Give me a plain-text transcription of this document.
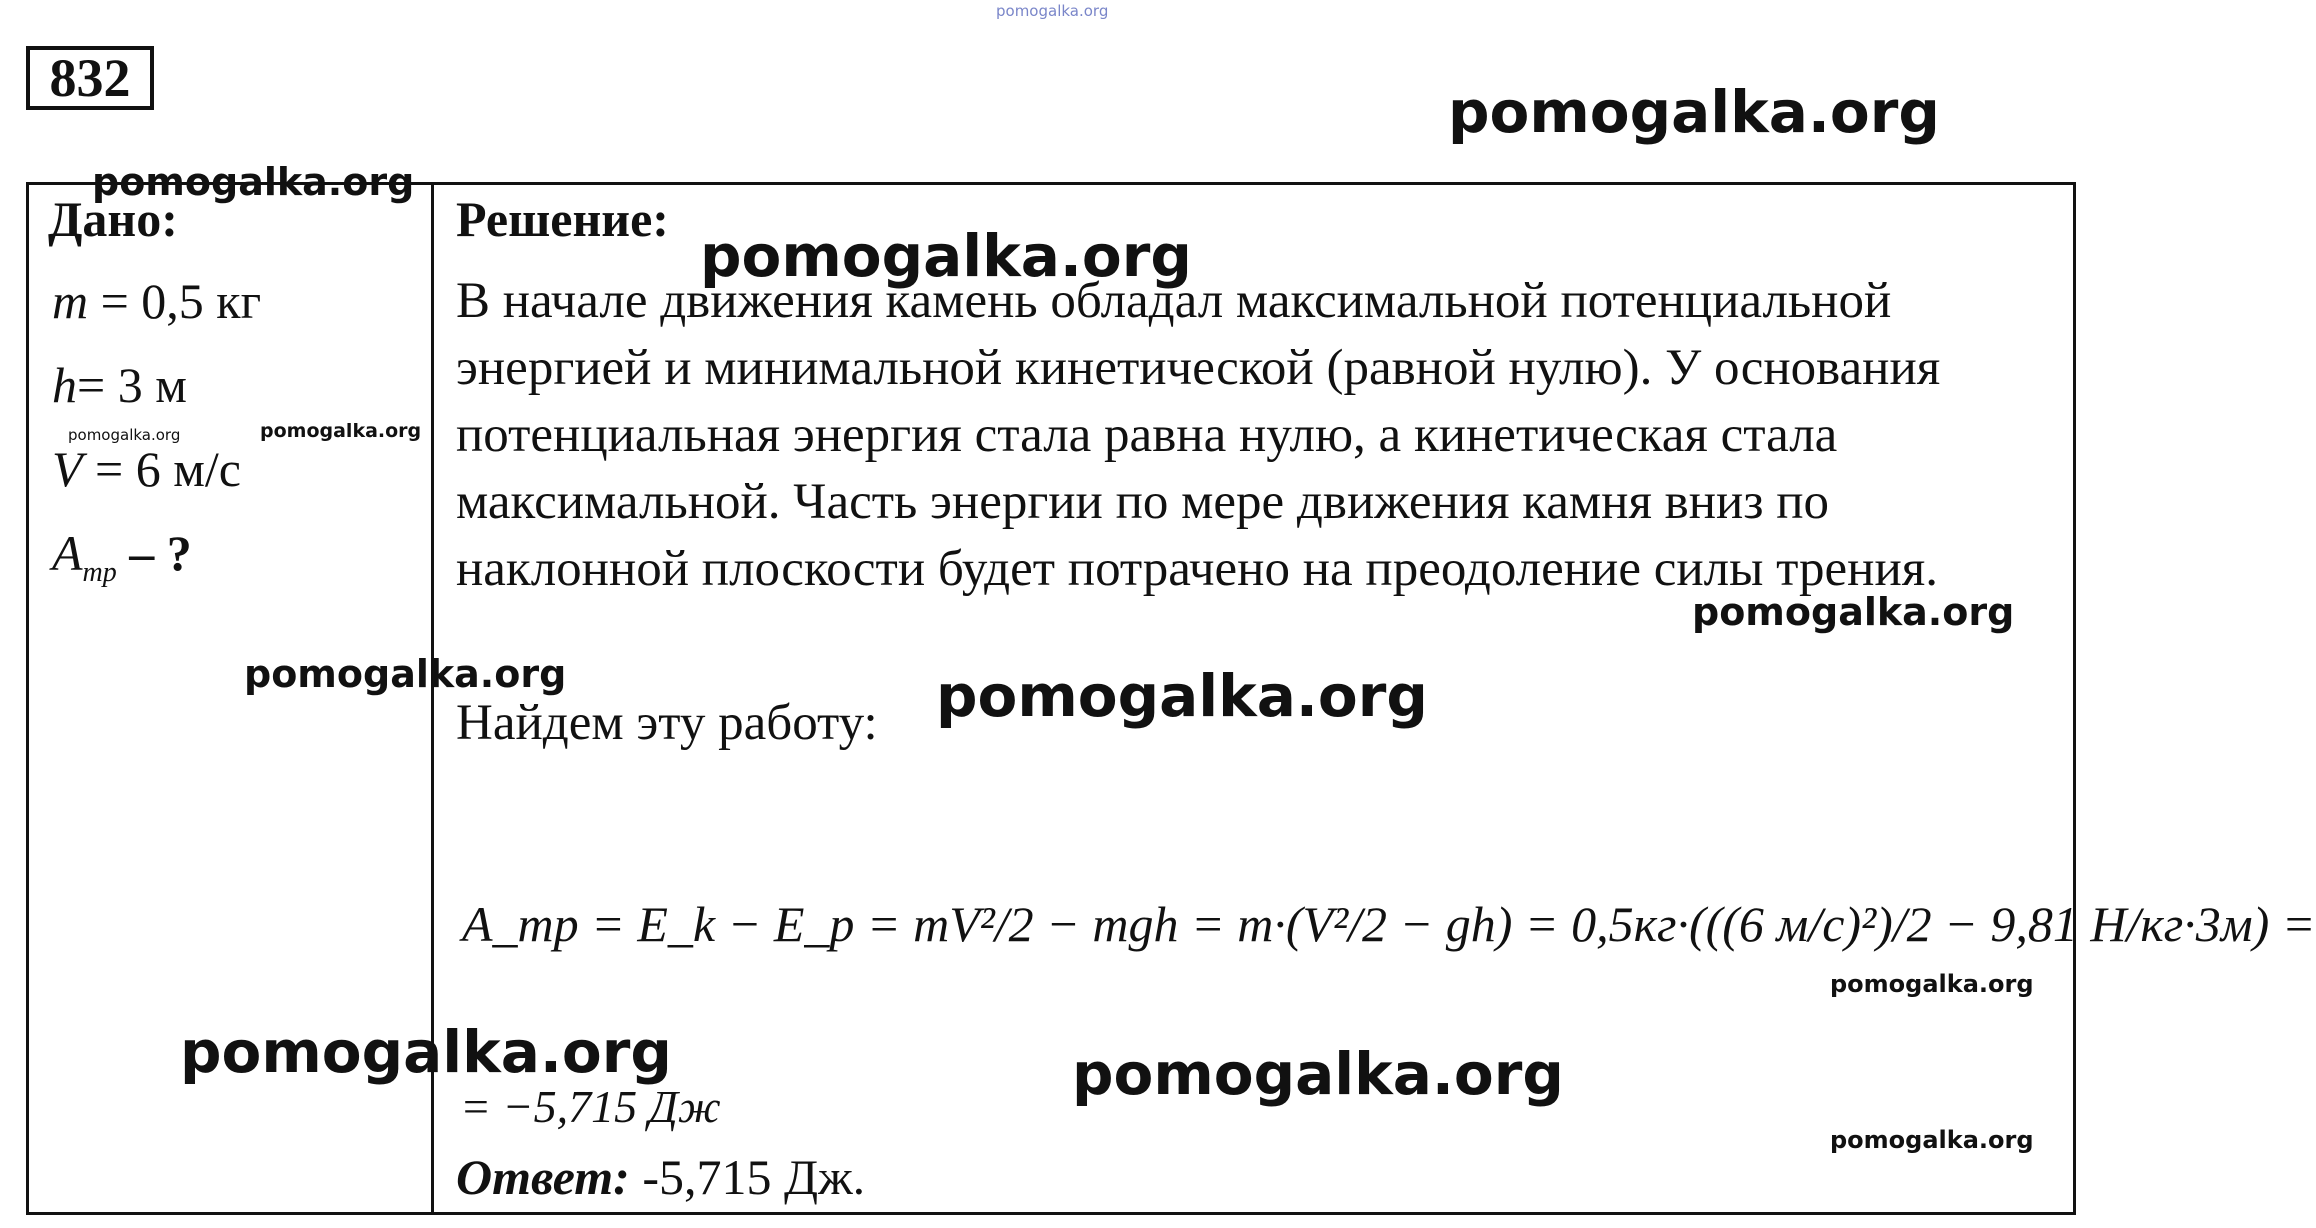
pomogalka.org
832	pomogalka.org
Дано:
m = 0,5 кг
h= 3 м
V = 6 м/с
$A_{тр}$ – ?
Решение:

В начале движения камень обладал максимальной потенциальной энергией и минимальной кинетической (равной нулю). У основания потенциальная энергия стала равна нулю, а кинетическая стала максимальной. Часть энергии по мере движения камня вниз по наклонной плоскости будет потрачено на преодоление силы трения.

Найдем эту работу:
A_тр = E_k − E_p = mV²/2 − mgh = m·(V²/2 − gh) = 0,5кг·(((6 м/с)²)/2 − 9,81 Н/кг·3м) =
= −5,715 Дж
Ответ: -5,715 Дж.
pomogalka.org
pomogalka.org
pomogalka.org	pomogalka.org
pomogalka.org
pomogalka.org	pomogalka.org
pomogalka.org
pomogalka.org	pomogalka.org
pomogalka.org
